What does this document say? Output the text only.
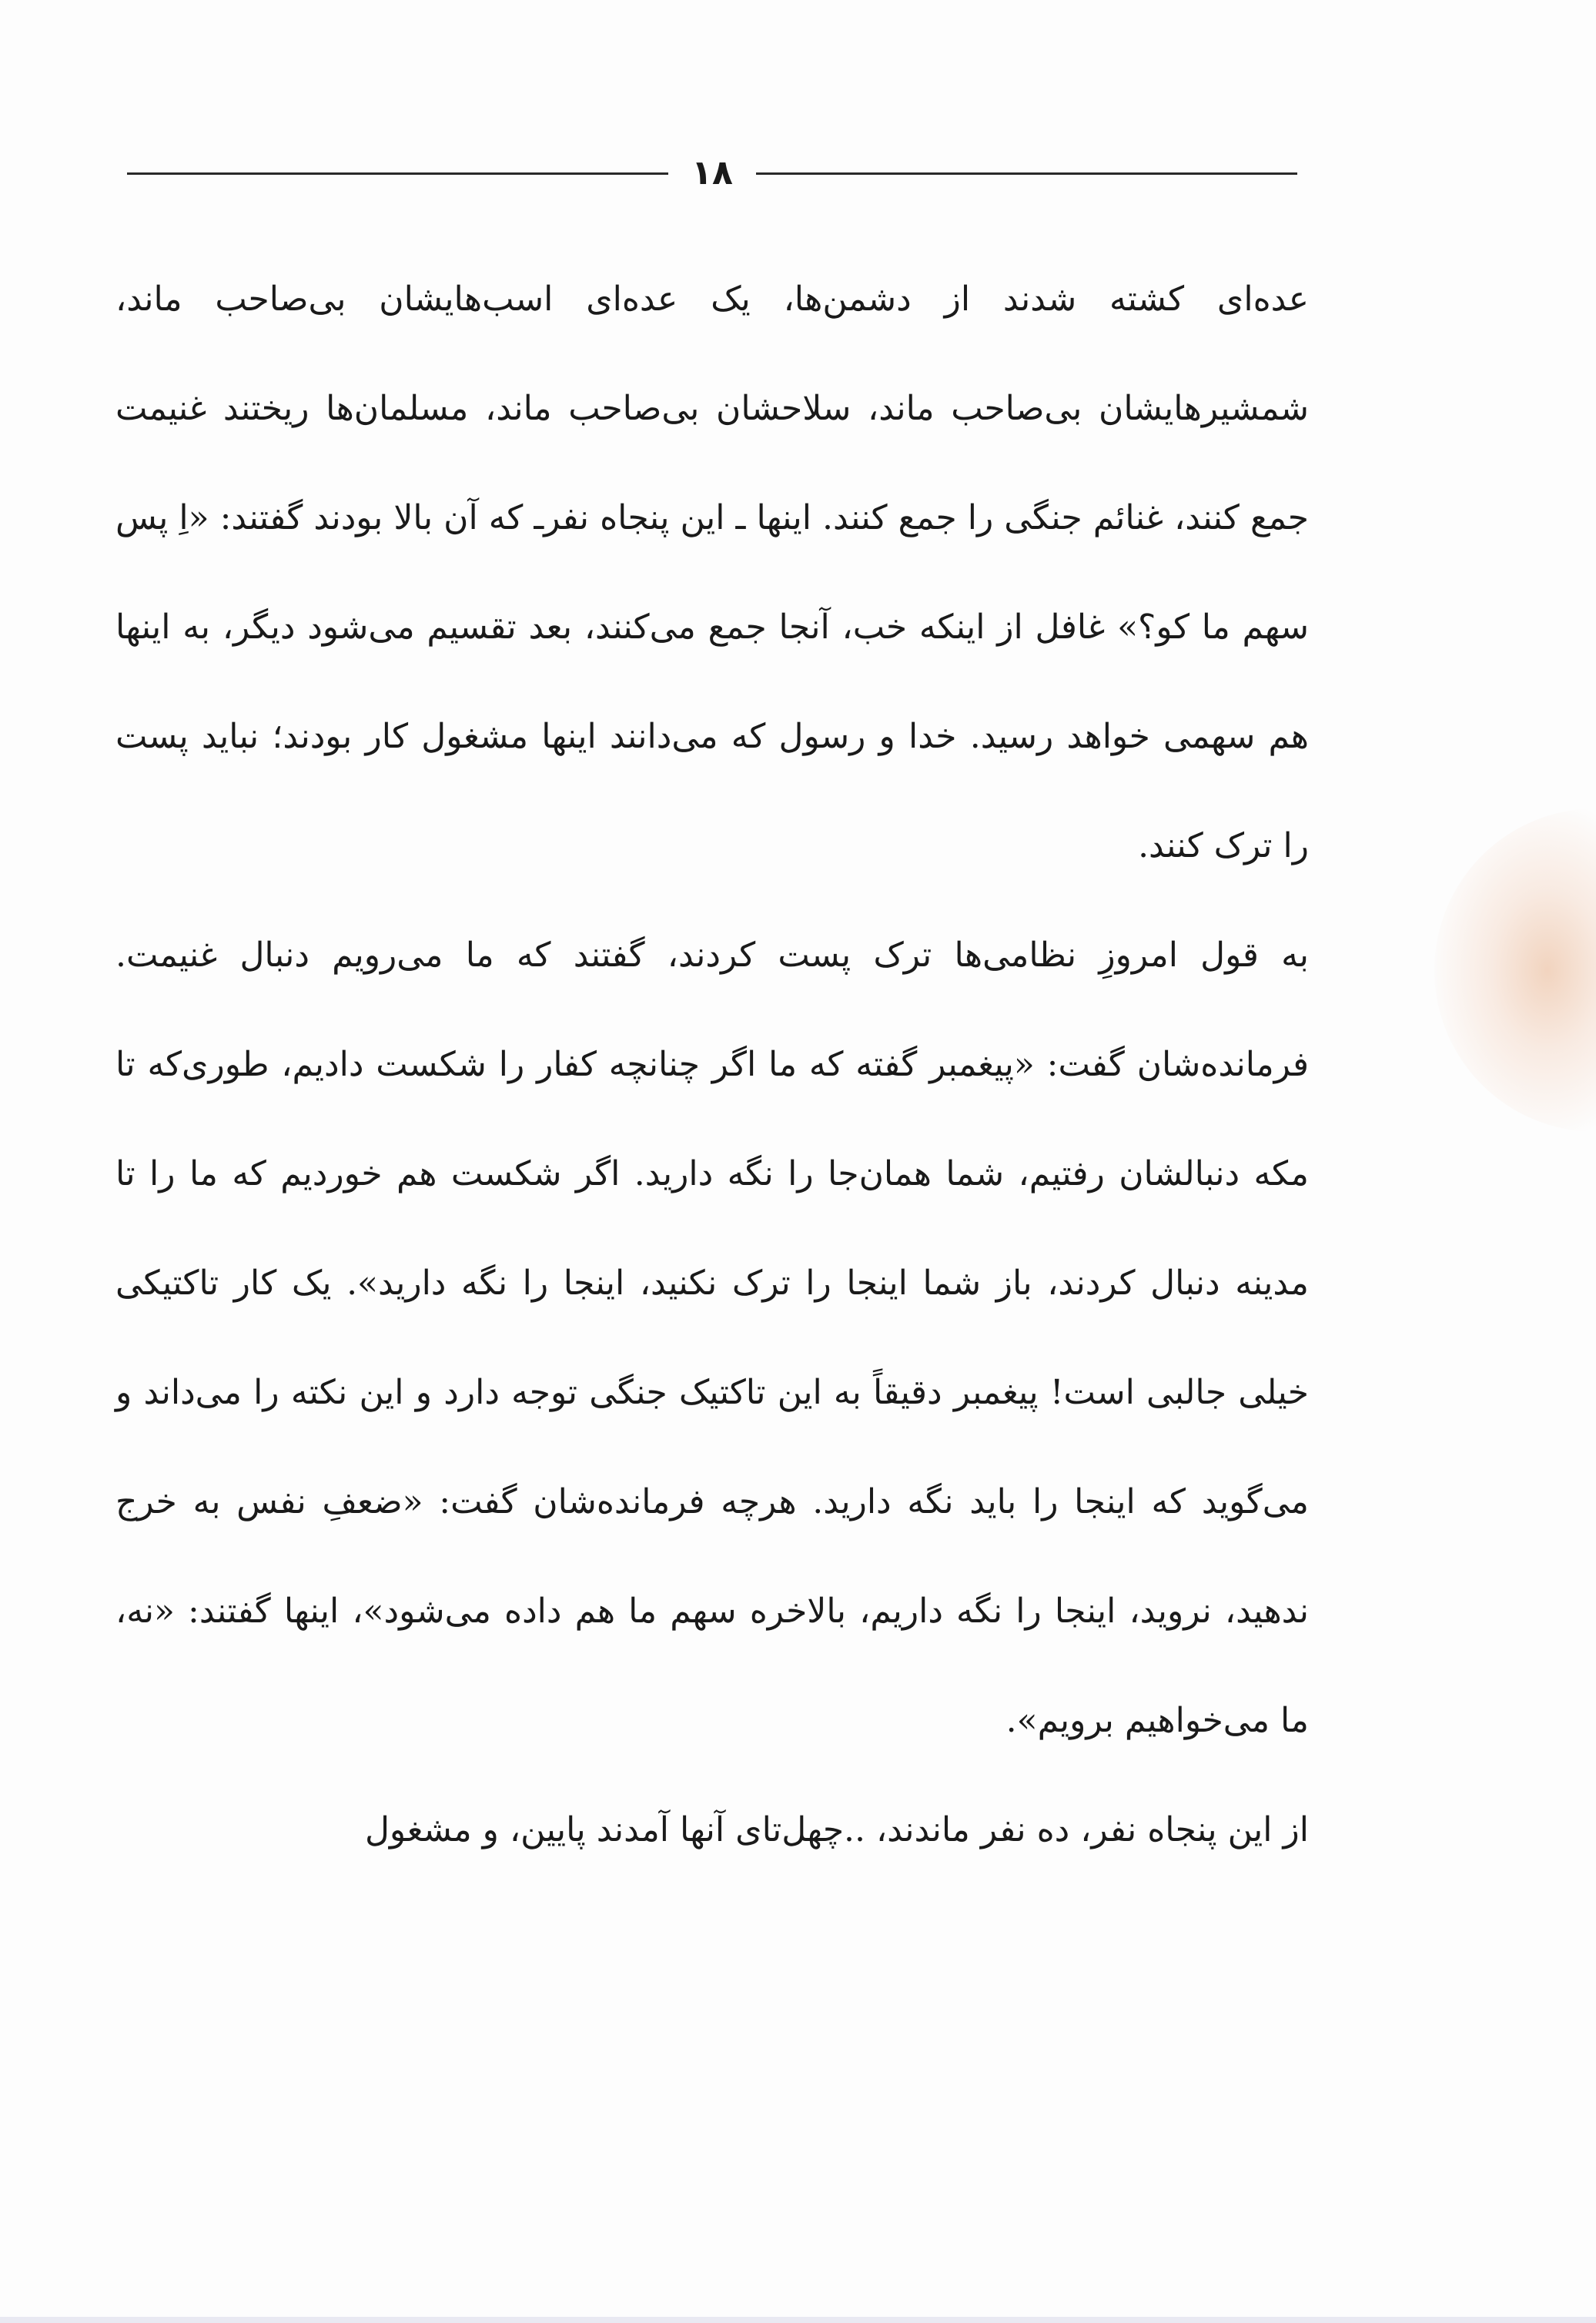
۱۸

عده‌ای کشته شدند از دشمن‌ها، یک عده‌ای اسب‌هایشان بی‌صاحب ماند، شمشیرهایشان بی‌صاحب ماند، سلاحشان بی‌صاحب ماند، مسلمان‌ها ریختند غنیمت جمع کنند، غنائم جنگی را جمع کنند. اینها ـ این پنجاه نفرـ که آن بالا بودند گفتند: «اِ پس سهم ما کو؟» غافل از اینکه خب، آنجا جمع می‌کنند، بعد تقسیم می‌شود دیگر، به اینها هم سهمی خواهد رسید. خدا و رسول که می‌دانند اینها مشغول کار بودند؛ نباید پست را ترک کنند.

به قول امروزِ نظامی‌ها ترک پست کردند، گفتند که ما می‌رویم دنبال غنیمت. فرمانده‌شان گفت: «پیغمبر گفته که ما اگر چنانچه کفار را شکست دادیم، طوری‌که تا مکه دنبالشان رفتیم، شما همان‌جا را نگه دارید. اگر شکست هم خوردیم که ما را تا مدینه دنبال کردند، باز شما اینجا را ترک نکنید، اینجا را نگه دارید». یک کار تاکتیکی خیلی جالبی است! پیغمبر دقیقاً به این تاکتیک جنگی توجه دارد و این نکته را می‌داند و می‌گوید که اینجا را باید نگه دارید. هرچه فرمانده‌شان گفت: «ضعفِ نفس به خرج ندهید، نروید، اینجا را نگه داریم، بالاخره سهم ما هم داده می‌شود»، اینها گفتند: «نه، ما می‌خواهیم برویم».

از این پنجاه نفر، ده نفر ماندند، ..چهل‌تای آنها آمدند پایین، و مشغول
